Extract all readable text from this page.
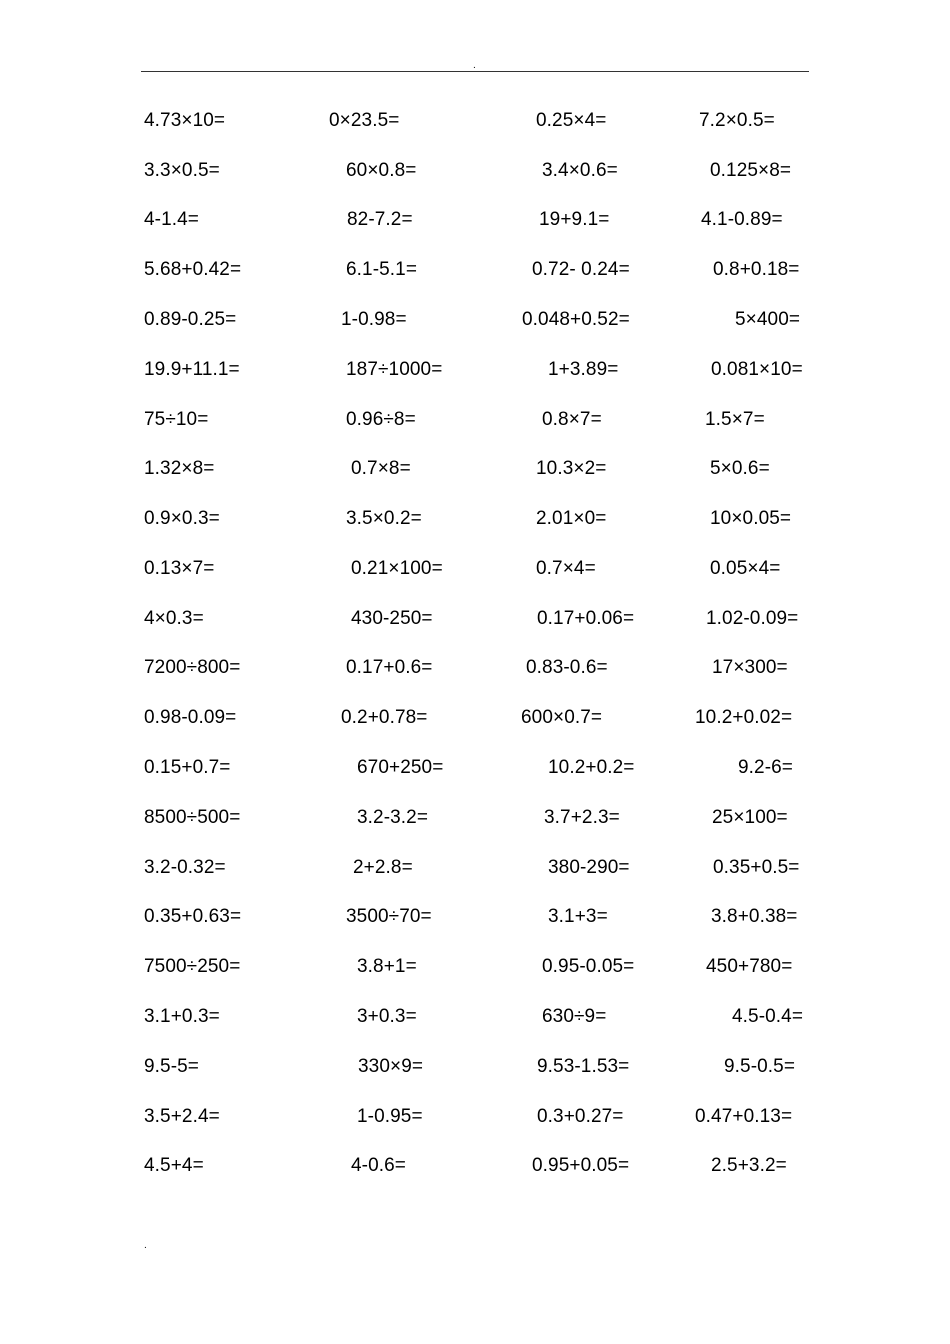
.
4.73×10=	0×23.5=	0.25×4=	7.2×0.5=
3.3×0.5=	60×0.8=	3.4×0.6=	0.125×8=
4-1.4=	82-7.2=	19+9.1=	4.1-0.89=
5.68+0.42=	6.1-5.1=	0.72- 0.24=	0.8+0.18=
0.89-0.25=	1-0.98=	0.048+0.52=	5×400=
19.9+11.1=	187÷1000=	1+3.89=	0.081×10=
75÷10=	0.96÷8=	0.8×7=	1.5×7=
1.32×8=	0.7×8=	10.3×2=	5×0.6=
0.9×0.3=	3.5×0.2=	2.01×0=	10×0.05=
0.13×7=	0.21×100=	0.7×4=	0.05×4=
4×0.3=	430-250=	0.17+0.06=	1.02-0.09=
7200÷800=	0.17+0.6=	0.83-0.6=	17×300=
0.98-0.09=	0.2+0.78=	600×0.7=	10.2+0.02=
0.15+0.7=	670+250=	10.2+0.2=	9.2-6=
8500÷500=	3.2-3.2=	3.7+2.3=	25×100=
3.2-0.32=	2+2.8=	380-290=	0.35+0.5=
0.35+0.63=	3500÷70=	3.1+3=	3.8+0.38=
7500÷250=	3.8+1=	0.95-0.05=	450+780=
3.1+0.3=	3+0.3=	630÷9=	4.5-0.4=
9.5-5=	330×9=	9.53-1.53=	9.5-0.5=
3.5+2.4=	1-0.95=	0.3+0.27=	0.47+0.13=
4.5+4=	4-0.6=	0.95+0.05=	2.5+3.2=
.
